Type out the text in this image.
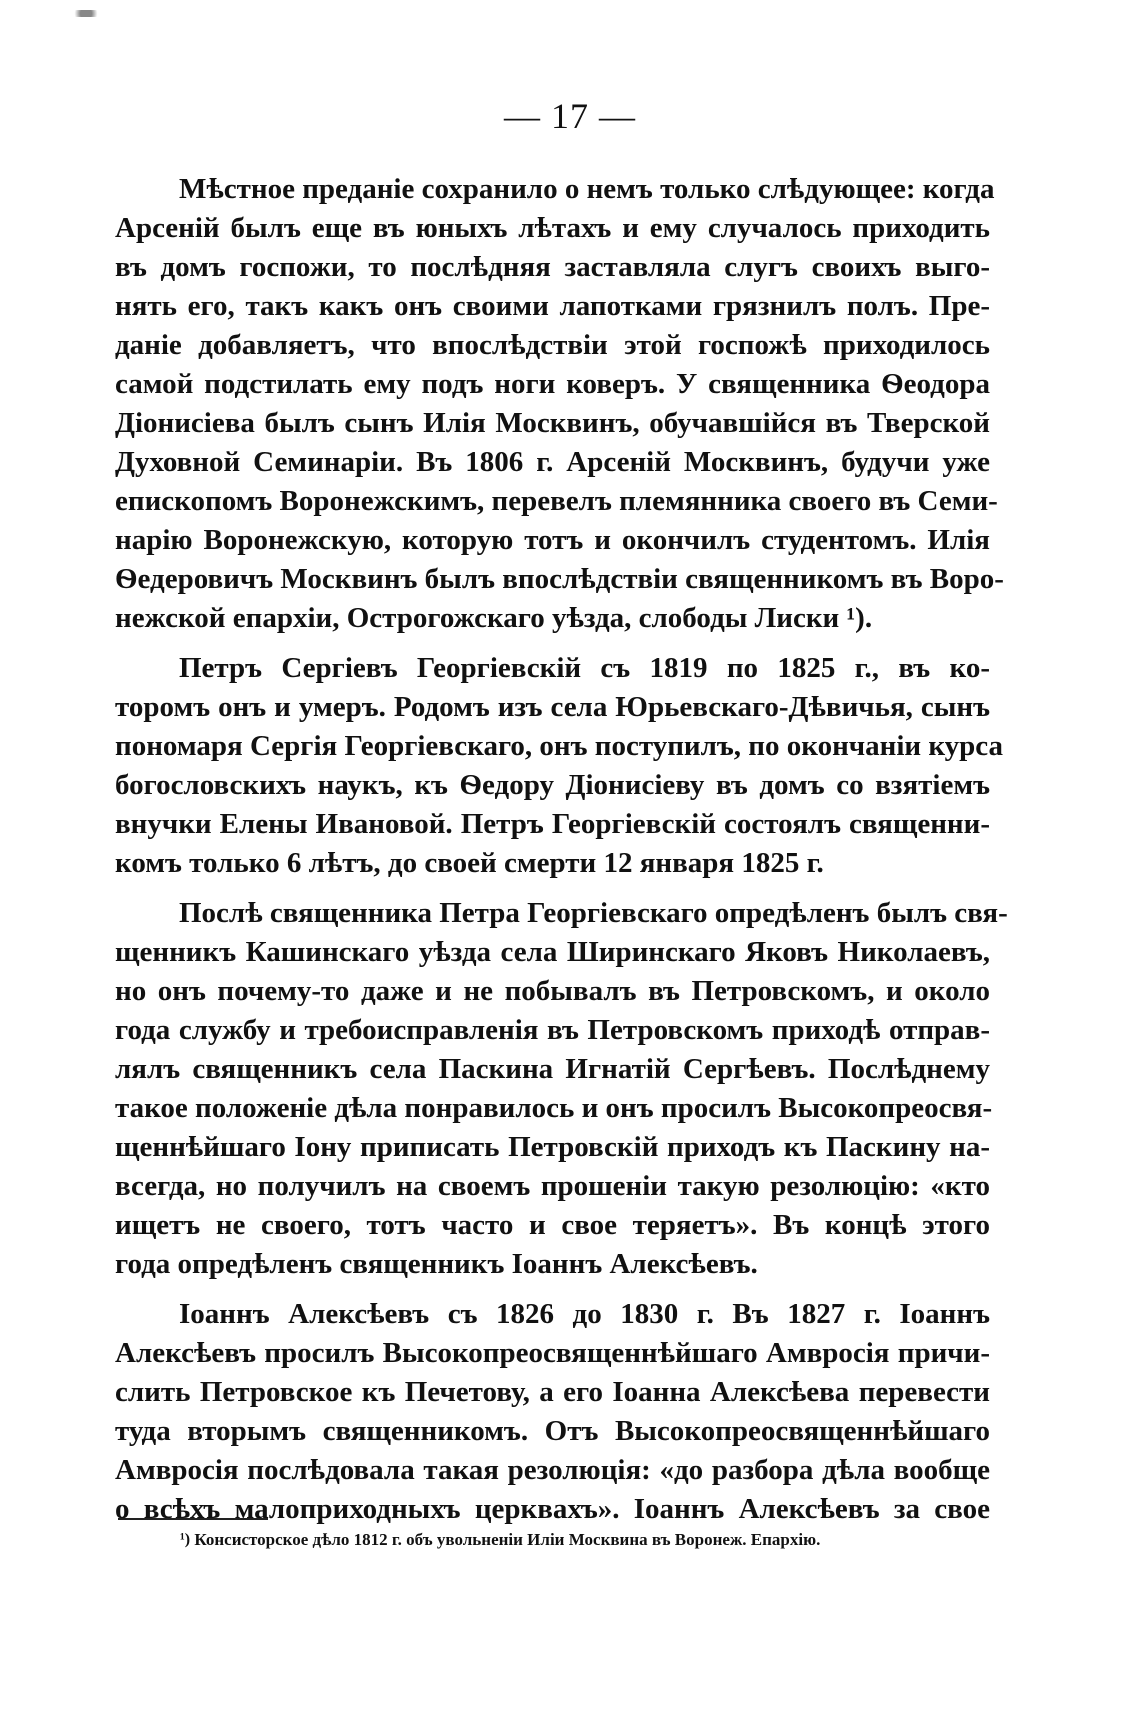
— 17 —
Мѣстное преданіе сохранило о немъ только слѣдующее: когда
Арсеній былъ еще въ юныхъ лѣтахъ и ему случалось приходить
въ домъ госпожи, то послѣдняя заставляла слугъ своихъ выго-
нять его, такъ какъ онъ своими лапотками грязнилъ полъ. Пре-
даніе добавляетъ, что впослѣдствіи этой госпожѣ приходилось
самой подстилать ему подъ ноги коверъ. У священника Ѳеодора
Діонисіева былъ сынъ Илія Москвинъ, обучавшійся въ Тверской
Духовной Семинаріи. Въ 1806 г. Арсеній Москвинъ, будучи уже
епископомъ Воронежскимъ, перевелъ племянника своего въ Семи-
нарію Воронежскую, которую тотъ и окончилъ студентомъ. Илія
Ѳедеровичъ Москвинъ былъ впослѣдствіи священникомъ въ Воро-
нежской епархіи, Острогожскаго уѣзда, слободы Лиски ¹).
Петръ Сергіевъ Георгіевскій съ 1819 по 1825 г., въ ко-
торомъ онъ и умеръ. Родомъ изъ села Юрьевскаго-Дѣвичья, сынъ
пономаря Сергія Георгіевскаго, онъ поступилъ, по окончаніи курса
богословскихъ наукъ, къ Ѳедору Діонисіеву въ домъ со взятіемъ
внучки Елены Ивановой. Петръ Георгіевскій состоялъ священни-
комъ только 6 лѣтъ, до своей смерти 12 января 1825 г.
Послѣ священника Петра Георгіевскаго опредѣленъ былъ свя-
щенникъ Кашинскаго уѣзда села Ширинскаго Яковъ Николаевъ,
но онъ почему-то даже и не побывалъ въ Петровскомъ, и около
года службу и требоисправленія въ Петровскомъ приходѣ отправ-
лялъ священникъ села Паскина Игнатій Сергѣевъ. Послѣднему
такое положеніе дѣла понравилось и онъ просилъ Высокопреосвя-
щеннѣйшаго Іону приписать Петровскій приходъ къ Паскину на-
всегда, но получилъ на своемъ прошеніи такую резолюцію: «кто
ищетъ не своего, тотъ часто и свое теряетъ». Въ концѣ этого
года опредѣленъ священникъ Іоаннъ Алексѣевъ.
Іоаннъ Алексѣевъ съ 1826 до 1830 г. Въ 1827 г. Іоаннъ
Алексѣевъ просилъ Высокопреосвященнѣйшаго Амвросія причи-
слить Петровское къ Печетову, а его Іоанна Алексѣева перевести
туда вторымъ священникомъ. Отъ Высокопреосвященнѣйшаго
Амвросія послѣдовала такая резолюція: «до разбора дѣла вообще
о всѣхъ малоприходныхъ церквахъ». Іоаннъ Алексѣевъ за свое
¹) Консисторское дѣло 1812 г. объ увольненіи Иліи Москвина въ Воронеж. Епархію.
